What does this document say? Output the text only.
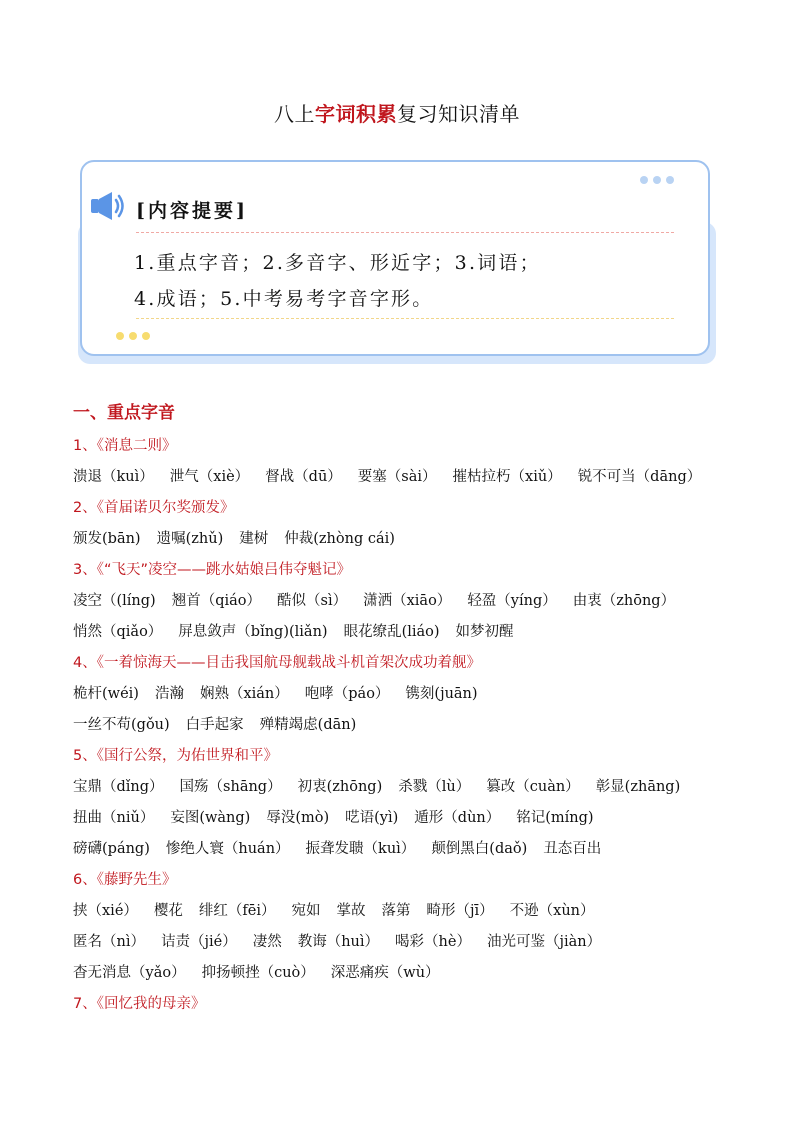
八上字词积累复习知识清单
[内容提要]
1.重点字音；2.多音字、形近字；3.词语；
4.成语；5.中考易考字音字形。
一、重点字音
1、《消息二则》
溃退（kuì） 泄气（xiè） 督战（dū） 要塞（sài） 摧枯拉朽（xiǔ） 锐不可当（dāng）
2、《首届诺贝尔奖颁发》
颁发(bān) 遗嘱(zhǔ) 建树 仲裁(zhòng cái)
3、《“飞天”凌空——跳水姑娘吕伟夺魁记》
凌空（(líng) 翘首（qiáo） 酷似（sì） 潇洒（xiāo） 轻盈（yíng） 由衷（zhōng）
悄然（qiǎo） 屏息敛声（bǐng)(liǎn) 眼花缭乱(liáo) 如梦初醒
4、《一着惊海天——目击我国航母舰载战斗机首架次成功着舰》
桅杆(wéi) 浩瀚 娴熟（xián） 咆哮（páo） 镌刻(juān)
一丝不苟(gǒu) 白手起家 殚精竭虑(dān)
5、《国行公祭，为佑世界和平》
宝鼎（dǐng） 国殇（shāng） 初衷(zhōng) 杀戮（lù） 篡改（cuàn） 彰显(zhāng)
扭曲（niǔ） 妄图(wàng) 辱没(mò) 呓语(yì) 遁形（dùn） 铭记(míng)
磅礴(páng) 惨绝人寰（huán） 振聋发聩（kuì） 颠倒黑白(daǒ) 丑态百出
6、《藤野先生》
挟（xié） 樱花 绯红（fēi） 宛如 掌故 落第 畸形（jī） 不逊（xùn）
匿名（nì） 诘责（jié） 凄然 教诲（huì） 喝彩（hè） 油光可鉴（jiàn）
杳无消息（yǎo） 抑扬顿挫（cuò） 深恶痛疾（wù）
7、《回忆我的母亲》
